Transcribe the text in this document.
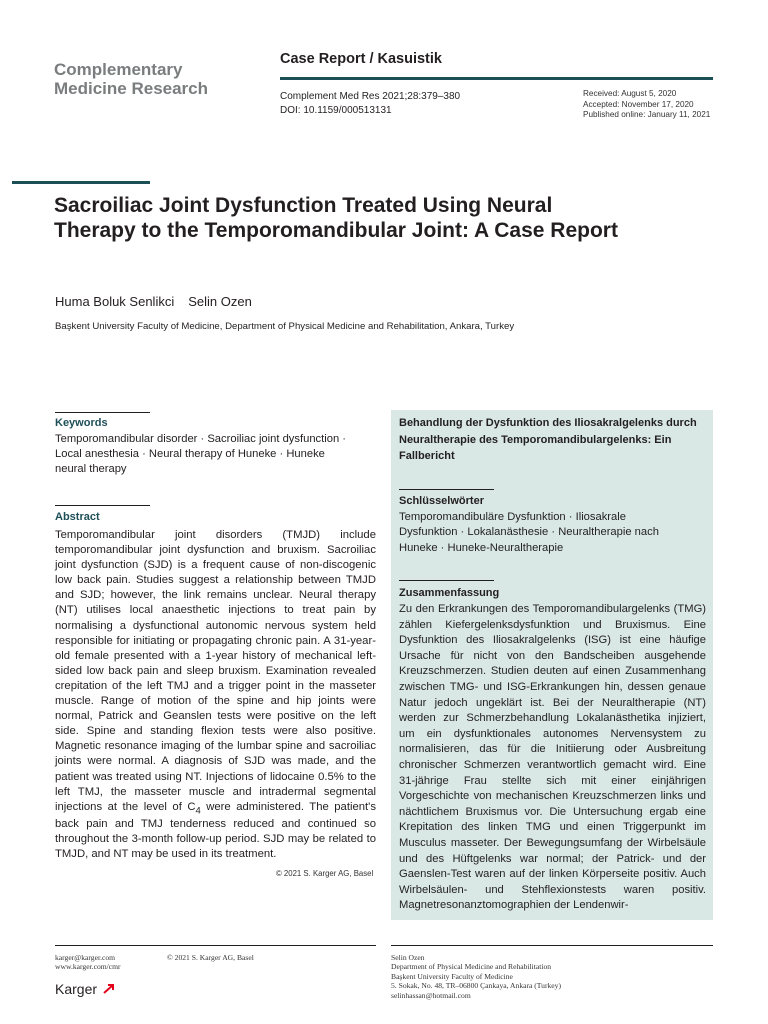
Complementary
Medicine Research
Case Report / Kasuistik
Complement Med Res 2021;28:379–380
DOI: 10.1159/000513131
Received: August 5, 2020
Accepted: November 17, 2020
Published online: January 11, 2021
Sacroiliac Joint Dysfunction Treated Using Neural Therapy to the Temporomandibular Joint: A Case Report
Huma Boluk Senlikci Selin Ozen
Başkent University Faculty of Medicine, Department of Physical Medicine and Rehabilitation, Ankara, Turkey
Keywords
Temporomandibular disorder · Sacroiliac joint dysfunction ·
Local anesthesia · Neural therapy of Huneke · Huneke
neural therapy
Abstract
Temporomandibular joint disorders (TMJD) include temporomandibular joint dysfunction and bruxism. Sacroiliac joint dysfunction (SJD) is a frequent cause of non-discogenic low back pain. Studies suggest a relationship between TMJD and SJD; however, the link remains unclear. Neural therapy (NT) utilises local anaesthetic injections to treat pain by normalising a dysfunctional autonomic nervous system held responsible for initiating or propagating chronic pain. A 31-year-old female presented with a 1-year history of mechanical left-sided low back pain and sleep bruxism. Examination revealed crepitation of the left TMJ and a trigger point in the masseter muscle. Range of motion of the spine and hip joints were normal, Patrick and Geanslen tests were positive on the left side. Spine and standing flexion tests were also positive. Magnetic resonance imaging of the lumbar spine and sacroiliac joints were normal. A diagnosis of SJD was made, and the patient was treated using NT. Injections of lidocaine 0.5% to the left TMJ, the masseter muscle and intradermal segmental injections at the level of $C_4$ were administered. The patient's back pain and TMJ tenderness reduced and continued so throughout the 3-month follow-up period. SJD may be related to TMJD, and NT may be used in its treatment.
© 2021 S. Karger AG, Basel
Behandlung der Dysfunktion des Iliosakralgelenks durch Neuraltherapie des Temporomandibulargelenks: Ein Fallbericht
Schlüsselwörter
Temporomandibuläre Dysfunktion · Iliosakrale
Dysfunktion · Lokalanästhesie · Neuraltherapie nach
Huneke · Huneke-Neuraltherapie
Zusammenfassung
Zu den Erkrankungen des Temporomandibulargelenks (TMG) zählen Kiefergelenksdysfunktion und Bruxismus. Eine Dysfunktion des Iliosakralgelenks (ISG) ist eine häufige Ursache für nicht von den Bandscheiben ausgehende Kreuzschmerzen. Studien deuten auf einen Zusammenhang zwischen TMG- und ISG-Erkrankungen hin, dessen genaue Natur jedoch ungeklärt ist. Bei der Neuraltherapie (NT) werden zur Schmerzbehandlung Lokalanästhetika injiziert, um ein dysfunktionales autonomes Nervensystem zu normalisieren, das für die Initiierung oder Ausbreitung chronischer Schmerzen verantwortlich gemacht wird. Eine 31-jährige Frau stellte sich mit einer einjährigen Vorgeschichte von mechanischen Kreuzschmerzen links und nächtlichem Bruxismus vor. Die Untersuchung ergab eine Krepitation des linken TMG und einen Triggerpunkt im Musculus masseter. Der Bewegungsumfang der Wirbelsäule und des Hüftgelenks war normal; der Patrick- und der Gaenslen-Test waren auf der linken Körperseite positiv. Auch Wirbelsäulen- und Stehflexionstests waren positiv. Magnetresonanztomographien der Lendenwir-
karger@karger.com
www.karger.com/cmr
© 2021 S. Karger AG, Basel
Karger
Selin Ozen
Department of Physical Medicine and Rehabilitation
Başkent University Faculty of Medicine
5. Sokak, No. 48, TR–06800 Çankaya, Ankara (Turkey)
selinhassan@hotmail.com
